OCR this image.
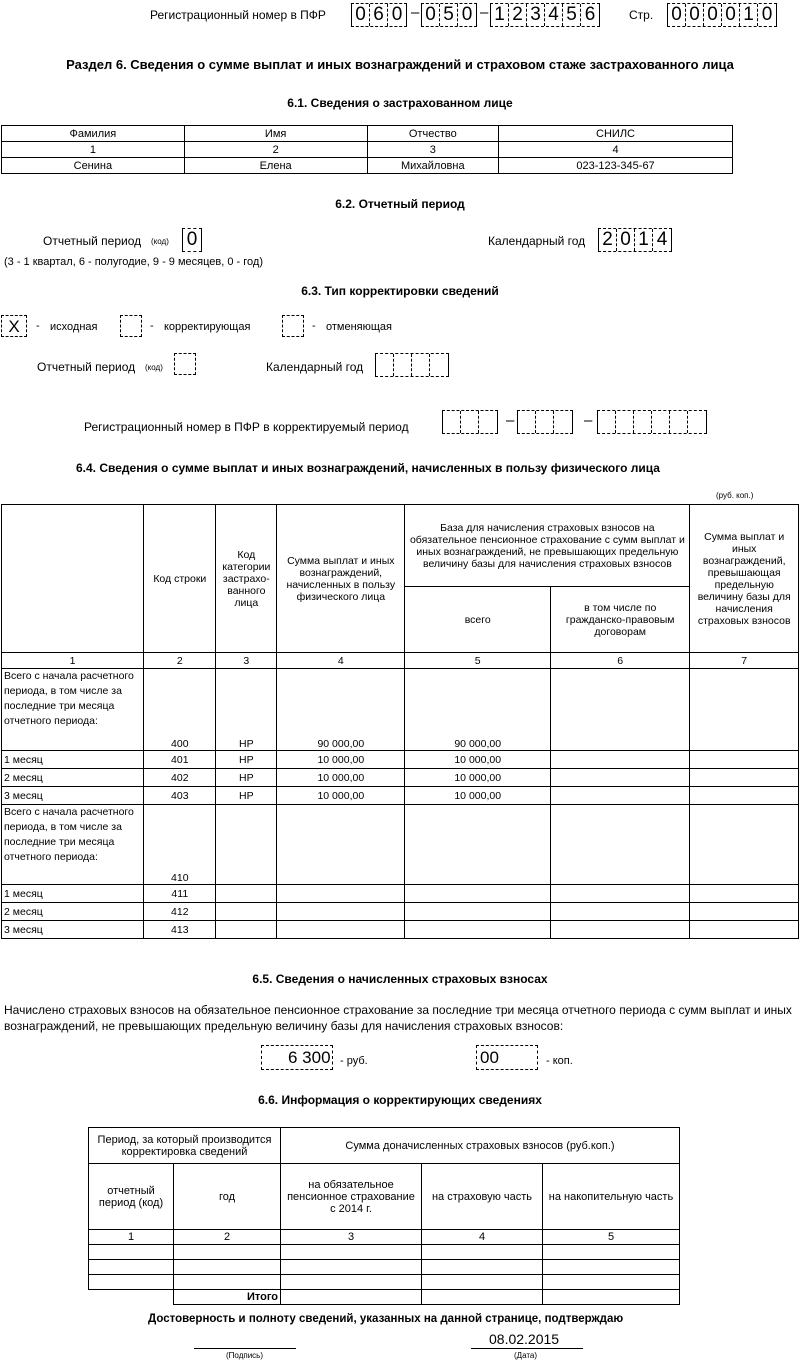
Регистрационный номер в ПФР 0 6 0 – 0 5 0 – 1 2 3 4 5 6	Стр. 0 0 0 0 1 0
Раздел 6. Сведения о сумме выплат и иных вознаграждений и страховом стаже застрахованного лица
6.1. Сведения о застрахованном лице
Фамилия	Имя	Отчество	СНИЛС
1	2	3	4
Сенина	Елена	Михайловна	023-123-345-67
6.2. Отчетный период
Отчетный период (код) 0	Календарный год 2 0 1 4
(3 - 1 квартал, 6 - полугодие, 9 - 9 месяцев, 0 - год)
6.3. Тип корректировки сведений
Х	- исходная	- корректирующая	- отменяющая
Отчетный период (код)	Календарный год
Регистрационный номер в ПФР в корректируемый период	–	–
6.4. Сведения о сумме выплат и иных вознаграждений, начисленных в пользу физического лица
(руб. коп.)
	Код строки	Код категории застрахо-ванного лица	Сумма выплат и иных вознаграждений, начисленных в пользу физического лица	База для начисления страховых взносов на обязательное пенсионное страхование с сумм выплат и иных вознаграждений, не превышающих предельную величину базы для начисления страховых взносов		Сумма выплат и иных вознаграждений, превышающая предельную величину базы для начисления страховых взносов
				всего	в том числе по гражданско-правовым договорам	
1	2	3	4	5	6	7
Всего с начала расчетного периода, в том числе за последние три месяца отчетного периода:	400	НР	90 000,00	90 000,00		
1 месяц	401	НР	10 000,00	10 000,00		
2 месяц	402	НР	10 000,00	10 000,00		
3 месяц	403	НР	10 000,00	10 000,00		
Всего с начала расчетного периода, в том числе за последние три месяца отчетного периода:	410					
1 месяц	411					
2 месяц	412					
3 месяц	413					
6.5. Сведения о начисленных страховых взносах
Начислено страховых взносов на обязательное пенсионное страхование за последние три месяца отчетного периода с сумм выплат и иных вознаграждений, не превышающих предельную величину базы для начисления страховых взносов:
6 300 - руб.	00	- коп.
6.6. Информация о корректирующих сведениях
Период, за который производится корректировка сведений		Сумма доначисленных страховых взносов (руб.коп.)		
отчетный период (код)	год	на обязательное пенсионное страхование с 2014 г.	на страховую часть	на накопительную часть
1	2	3	4	5

	Итого			
Достоверность и полноту сведений, указанных на данной странице, подтверждаю
(Подпись)
08.02.2015
(Дата)
